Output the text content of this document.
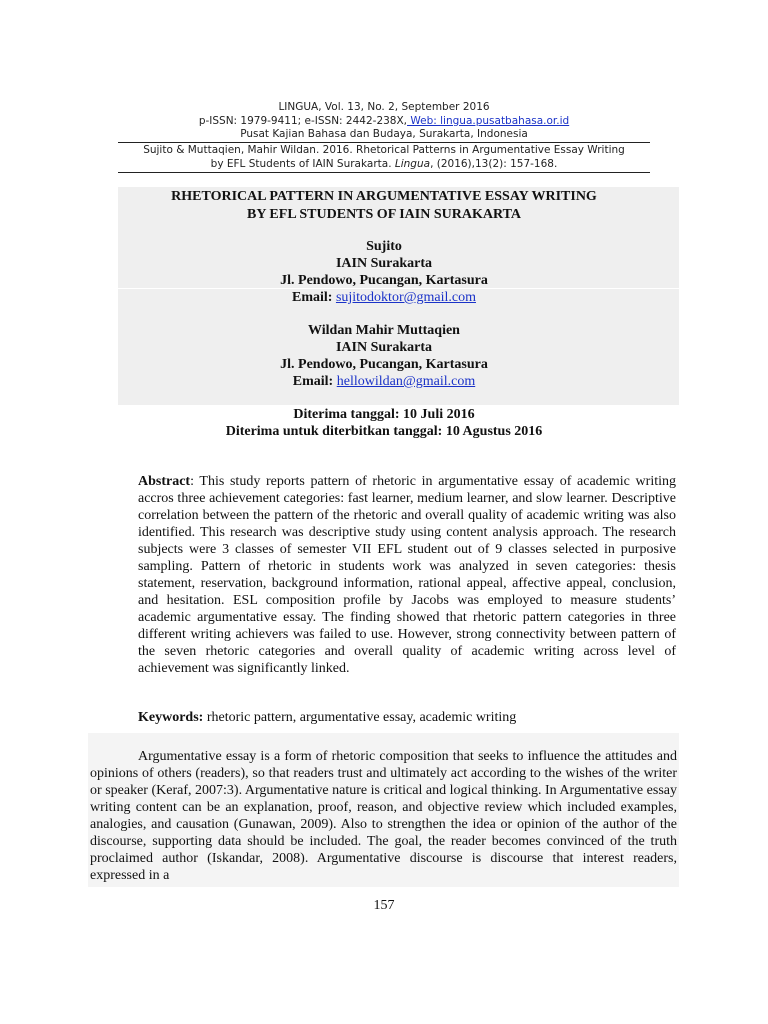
LINGUA, Vol. 13, No. 2, September 2016
p-ISSN: 1979-9411; e-ISSN: 2442-238X, Web: lingua.pusatbahasa.or.id
Pusat Kajian Bahasa dan Budaya, Surakarta, Indonesia
Sujito & Muttaqien, Mahir Wildan. 2016. Rhetorical Patterns in Argumentative Essay Writing
by EFL Students of IAIN Surakarta. Lingua, (2016),13(2): 157-168.
RHETORICAL PATTERN IN ARGUMENTATIVE ESSAY WRITING
BY EFL STUDENTS OF IAIN SURAKARTA
Sujito
IAIN Surakarta
Jl. Pendowo, Pucangan, Kartasura
Email: sujitodoktor@gmail.com
Wildan Mahir Muttaqien
IAIN Surakarta
Jl. Pendowo, Pucangan, Kartasura
Email: hellowildan@gmail.com
Diterima tanggal: 10 Juli 2016
Diterima untuk diterbitkan tanggal: 10 Agustus 2016
Abstract: This study reports pattern of rhetoric in argumentative essay of academic writing accros three achievement categories: fast learner, medium learner, and slow learner. Descriptive correlation between the pattern of the rhetoric and overall quality of academic writing was also identified. This research was descriptive study using content analysis approach. The research subjects were 3 classes of semester VII EFL student out of 9 classes selected in purposive sampling. Pattern of rhetoric in students work was analyzed in seven categories: thesis statement, reservation, background information, rational appeal, affective appeal, conclusion, and hesitation. ESL composition profile by Jacobs was employed to measure students’ academic argumentative essay. The finding showed that rhetoric pattern categories in three different writing achievers was failed to use. However, strong connectivity between pattern of the seven rhetoric categories and overall quality of academic writing across level of achievement was significantly linked.
Keywords: rhetoric pattern, argumentative essay, academic writing
Argumentative essay is a form of rhetoric composition that seeks to influence the attitudes and opinions of others (readers), so that readers trust and ultimately act according to the wishes of the writer or speaker (Keraf, 2007:3). Argumentative nature is critical and logical thinking. In Argumentative essay writing content can be an explanation, proof, reason, and objective review which included examples, analogies, and causation (Gunawan, 2009). Also to strengthen the idea or opinion of the author of the discourse, supporting data should be included. The goal, the reader becomes convinced of the truth proclaimed author (Iskandar, 2008). Argumentative discourse is discourse that interest readers, expressed in a
157
